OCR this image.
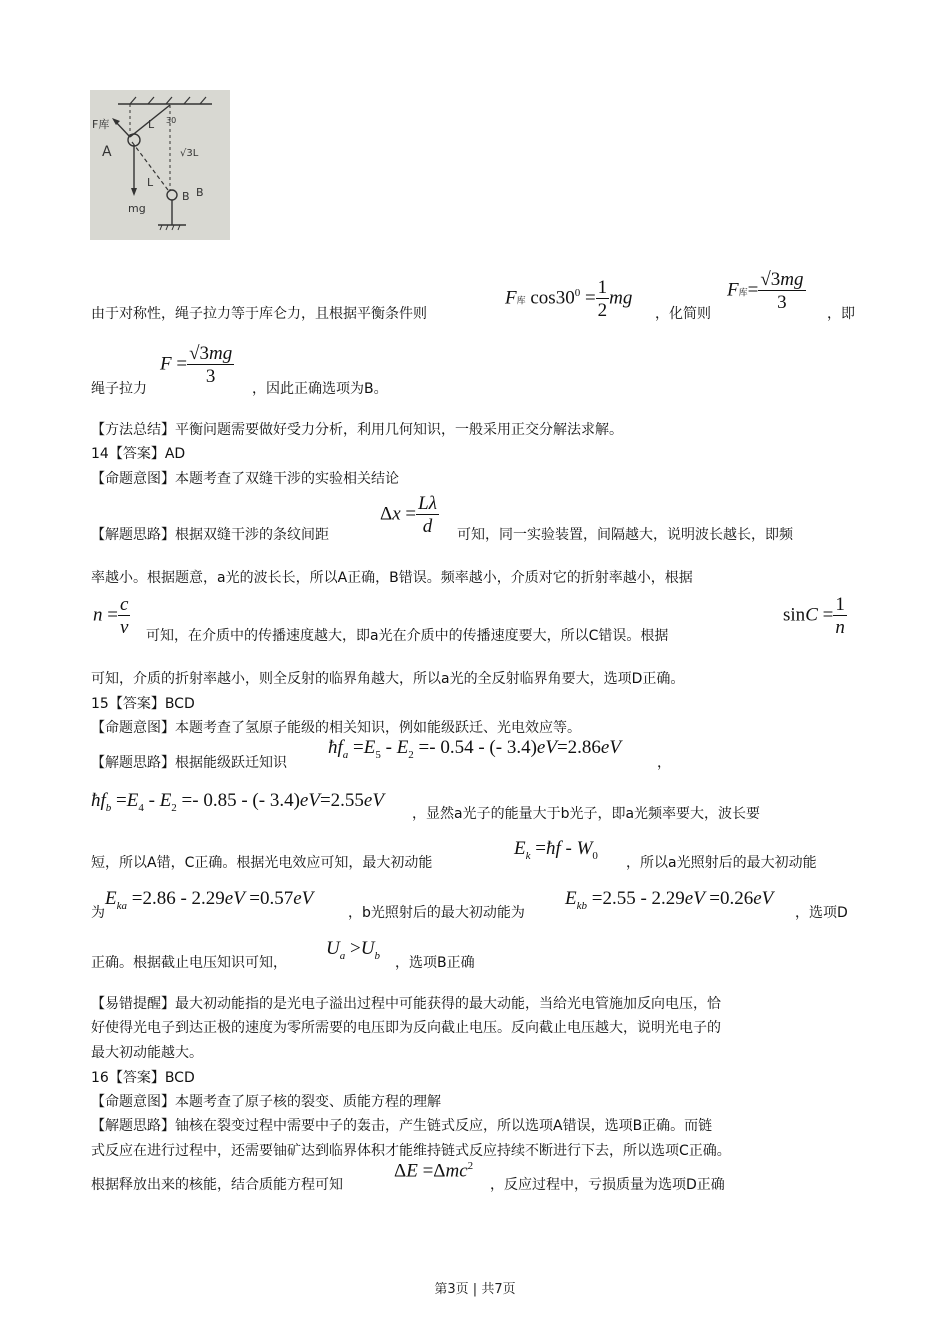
F库
A
L 30
√3L
L
B B
mg
由于对称性，绳子拉力等于库仑力，且根据平衡条件则
F库 $\cos 30^0 = \frac{1}{2}$ mg
，化简则
F库= $\frac{√3mg}{3}$
，即
绳子拉力
$F = \frac{√3mg}{3}$
，因此正确选项为B。
【方法总结】平衡问题需要做好受力分析，利用几何知识，一般采用正交分解法求解。
14【答案】AD
【命题意图】本题考查了双缝干涉的实验相关结论
【解题思路】根据双缝干涉的条纹间距
$\Delta x = \frac{L\lambda}{d}$ 可知，同一实验装置，间隔越大，说明波长越长，即频
率越小。根据题意，a光的波长长，所以A正确，B错误。频率越小，介质对它的折射率越小，根据
$n = \frac{c}{v}$ 可知，在介质中的传播速度越大，即a光在介质中的传播速度要大，所以C错误。根据
$\sin C = \frac{1}{n}$
可知，介质的折射率越小，则全反射的临界角越大，所以a光的全反射临界角要大，选项D正确。
15【答案】BCD
【命题意图】本题考查了氢原子能级的相关知识，例如能级跃迁、光电效应等。
【解题思路】根据能级跃迁知识
$ħf_a =E_5 - E_2 =- 0.54$ - (- 3.4)eV=2.86eV
，
$ħf_b =E_4 - E_2 =- 0.85$ - (- 3.4)eV=2.55eV
，显然a光子的能量大于b光子，即a光频率要大，波长要
短，所以A错，C正确。根据光电效应可知，最大初动能
$E_k$ =ħf - $W_0$ ，所以a光照射后的最大初动能
为
$E_{ka} =2.86 - 2.29eV =0.57eV$
，b光照射后的最大初动能为
$E_{kb} =2.55 - 2.29eV =0.26eV$
，选项D
正确。根据截止电压知识可知，
$U_a >U_b$ ，选项B正确
【易错提醒】最大初动能指的是光电子溢出过程中可能获得的最大动能，当给光电管施加反向电压，恰
好使得光电子到达正极的速度为零所需要的电压即为反向截止电压。反向截止电压越大，说明光电子的
最大初动能越大。
16【答案】BCD
【命题意图】本题考查了原子核的裂变、质能方程的理解
【解题思路】铀核在裂变过程中需要中子的轰击，产生链式反应，所以选项A错误，选项B正确。而链
式反应在进行过程中，还需要铀矿达到临界体积才能维持链式反应持续不断进行下去，所以选项C正确。
根据释放出来的核能，结合质能方程可知
ΔE =Δmc$^2$
，反应过程中，亏损质量为选项D正确
第3页 | 共7页
